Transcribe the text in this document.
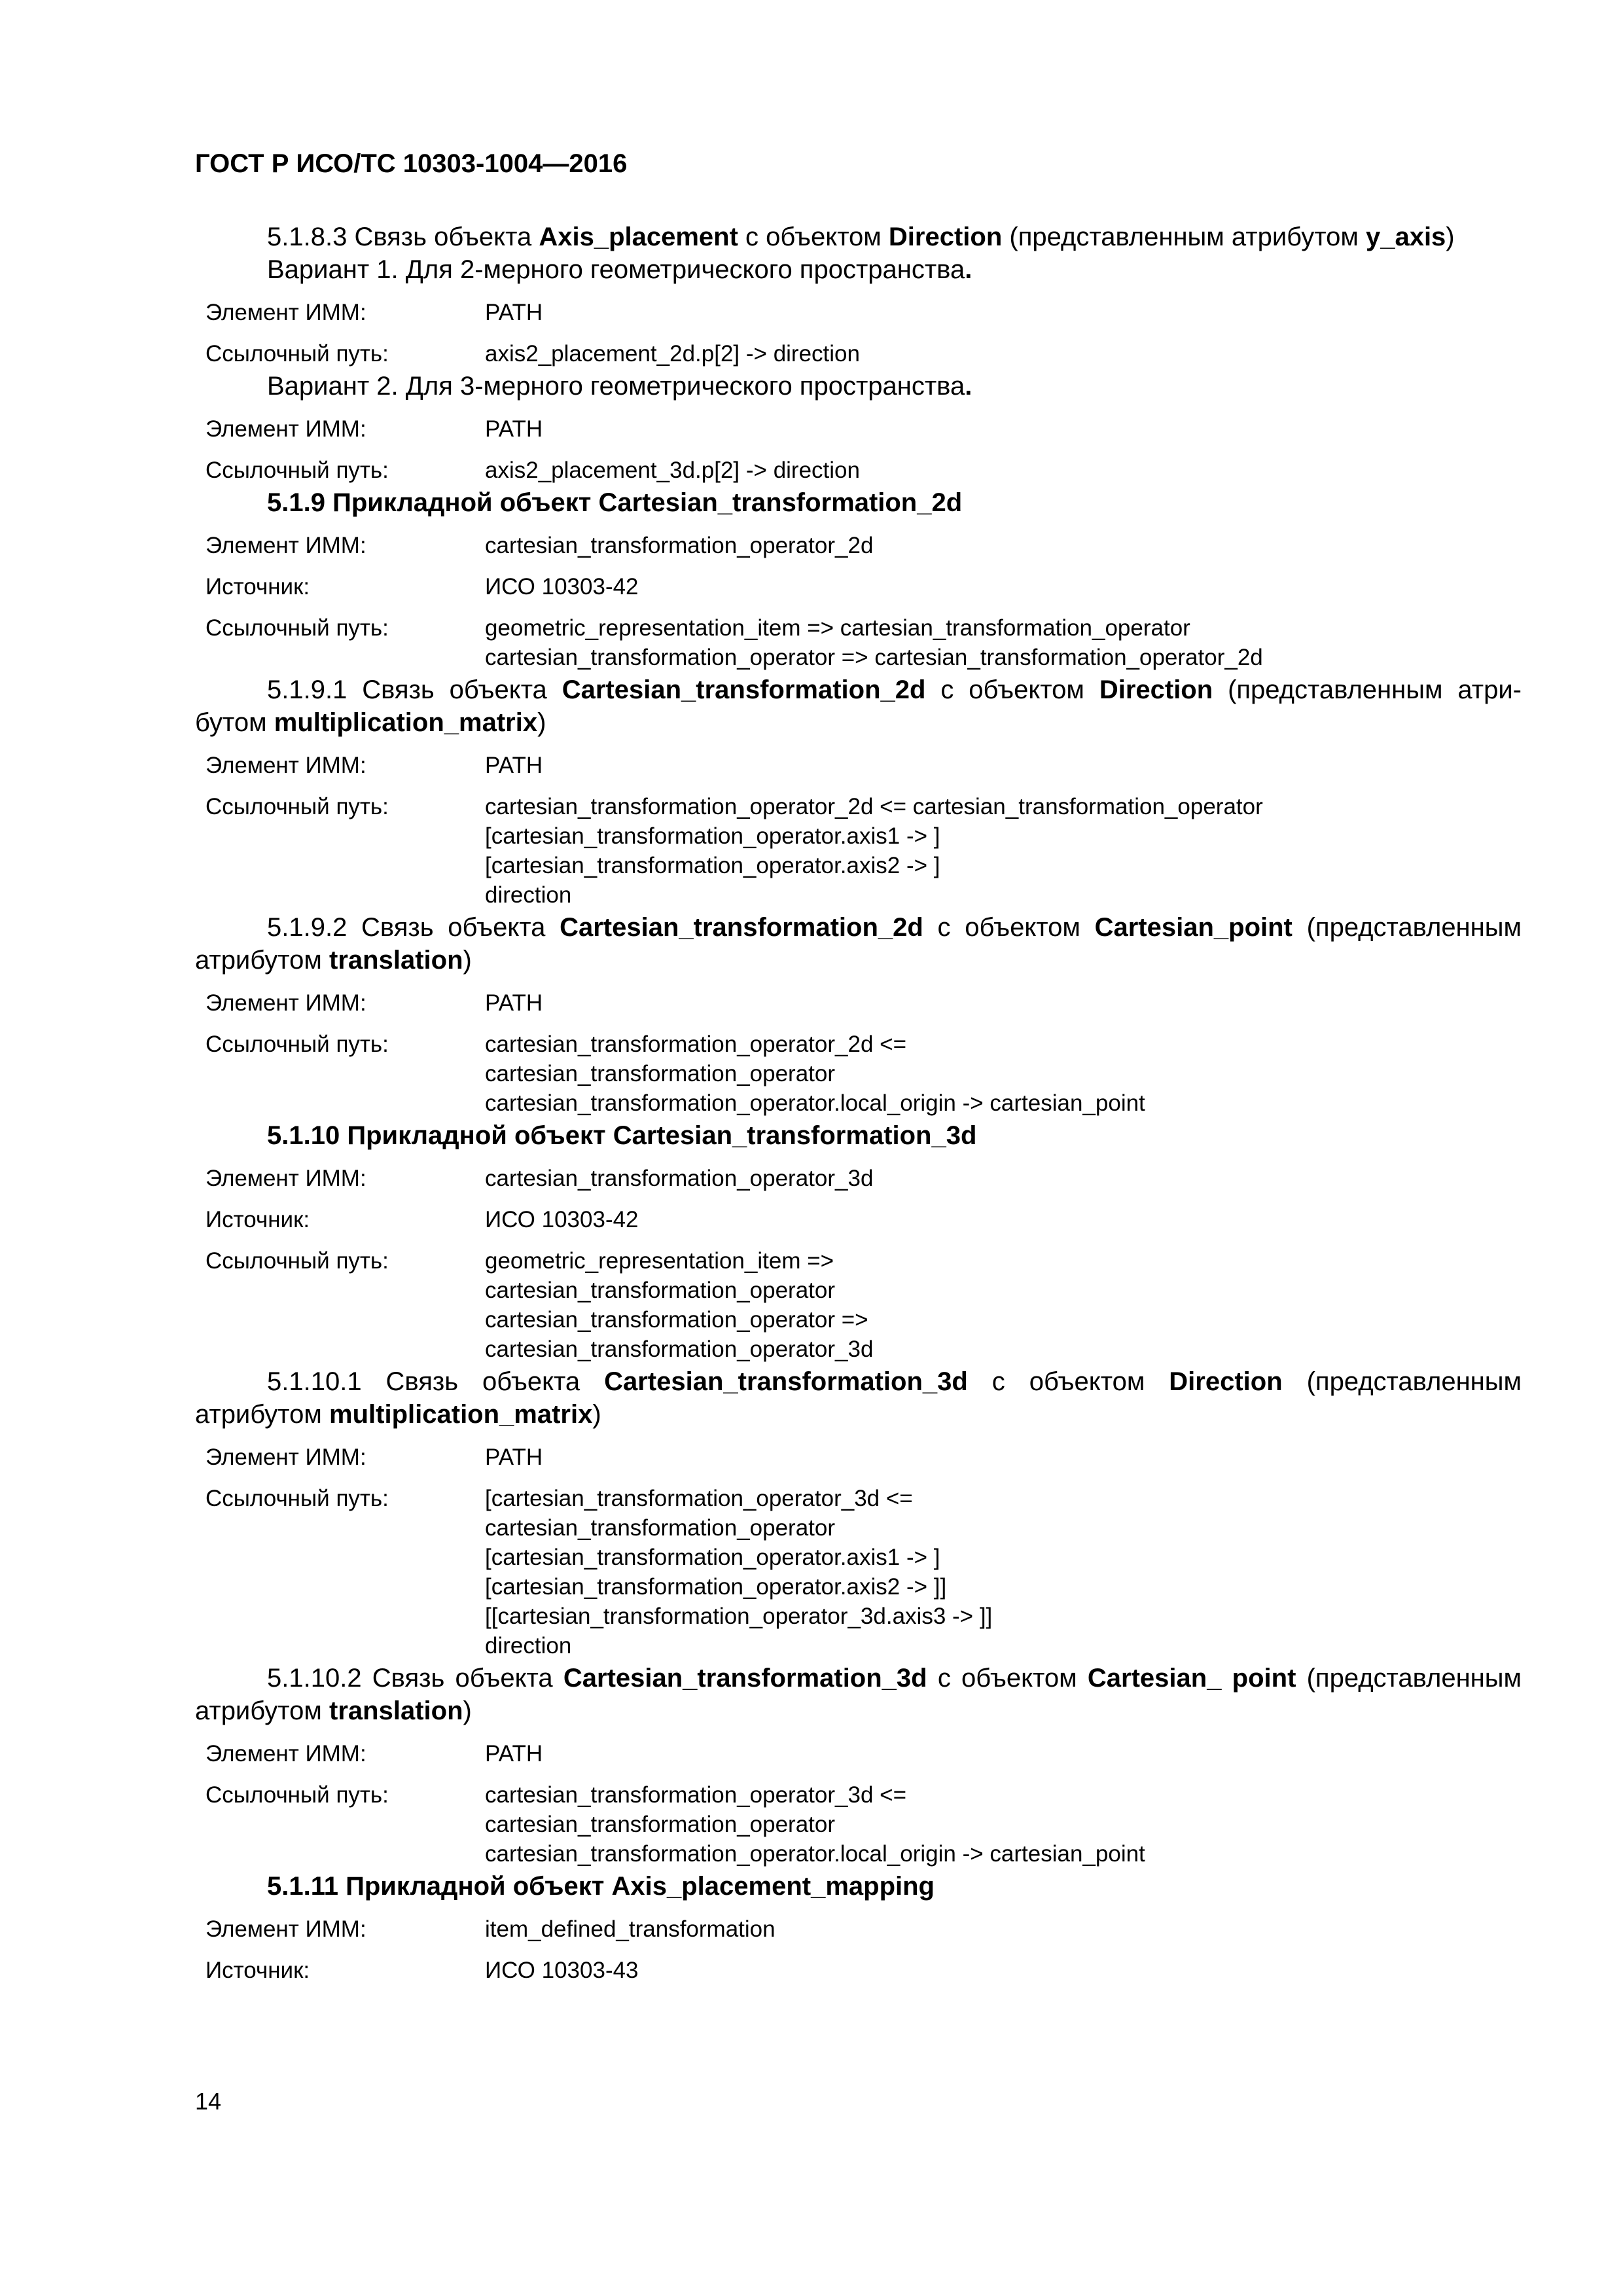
ГОСТ Р ИСО/ТС 10303-1004—2016

5.1.8.3 Связь объекта Axis_placement с объектом Direction (представленным атрибутом y_axis)

Вариант 1. Для 2-мерного геометрического пространства.

Элемент ИММ:	PATH
Ссылочный путь:	axis2_placement_2d.p[2] -> direction

Вариант 2. Для 3-мерного геометрического пространства.

Элемент ИММ:	PATH
Ссылочный путь:	axis2_placement_3d.p[2] -> direction

5.1.9 Прикладной объект Cartesian_transformation_2d

Элемент ИММ:	cartesian_transformation_operator_2d
Источник:	ИСО 10303-42
Ссылочный путь:	geometric_representation_item => cartesian_transformation_operator
cartesian_transformation_operator => cartesian_transformation_operator_2d

5.1.9.1 Связь объекта Cartesian_transformation_2d с объектом Direction (представленным атрибутом multiplication_matrix)

Элемент ИММ:	PATH
Ссылочный путь:	cartesian_transformation_operator_2d <= cartesian_transformation_operator
[cartesian_transformation_operator.axis1 -> ]
[cartesian_transformation_operator.axis2 -> ]
direction

5.1.9.2 Связь объекта Cartesian_transformation_2d с объектом Cartesian_point (представленным атрибутом translation)

Элемент ИММ:	PATH
Ссылочный путь:	cartesian_transformation_operator_2d <=
cartesian_transformation_operator
cartesian_transformation_operator.local_origin -> cartesian_point

5.1.10 Прикладной объект Cartesian_transformation_3d

Элемент ИММ:	cartesian_transformation_operator_3d
Источник:	ИСО 10303-42
Ссылочный путь:	geometric_representation_item =>
cartesian_transformation_operator
cartesian_transformation_operator =>
cartesian_transformation_operator_3d

5.1.10.1 Связь объекта Cartesian_transformation_3d с объектом Direction (представленным атрибутом multiplication_matrix)

Элемент ИММ:	PATH
Ссылочный путь:	[cartesian_transformation_operator_3d <=
cartesian_transformation_operator
[cartesian_transformation_operator.axis1 -> ]
[cartesian_transformation_operator.axis2 -> ]]
[[cartesian_transformation_operator_3d.axis3 -> ]]
direction

5.1.10.2 Связь объекта Cartesian_transformation_3d с объектом Cartesian_ point (представленным атрибутом translation)

Элемент ИММ:	PATH
Ссылочный путь:	cartesian_transformation_operator_3d <=
cartesian_transformation_operator
cartesian_transformation_operator.local_origin -> cartesian_point

5.1.11 Прикладной объект Axis_placement_mapping

Элемент ИММ:	item_defined_transformation
Источник:	ИСО 10303-43
14
